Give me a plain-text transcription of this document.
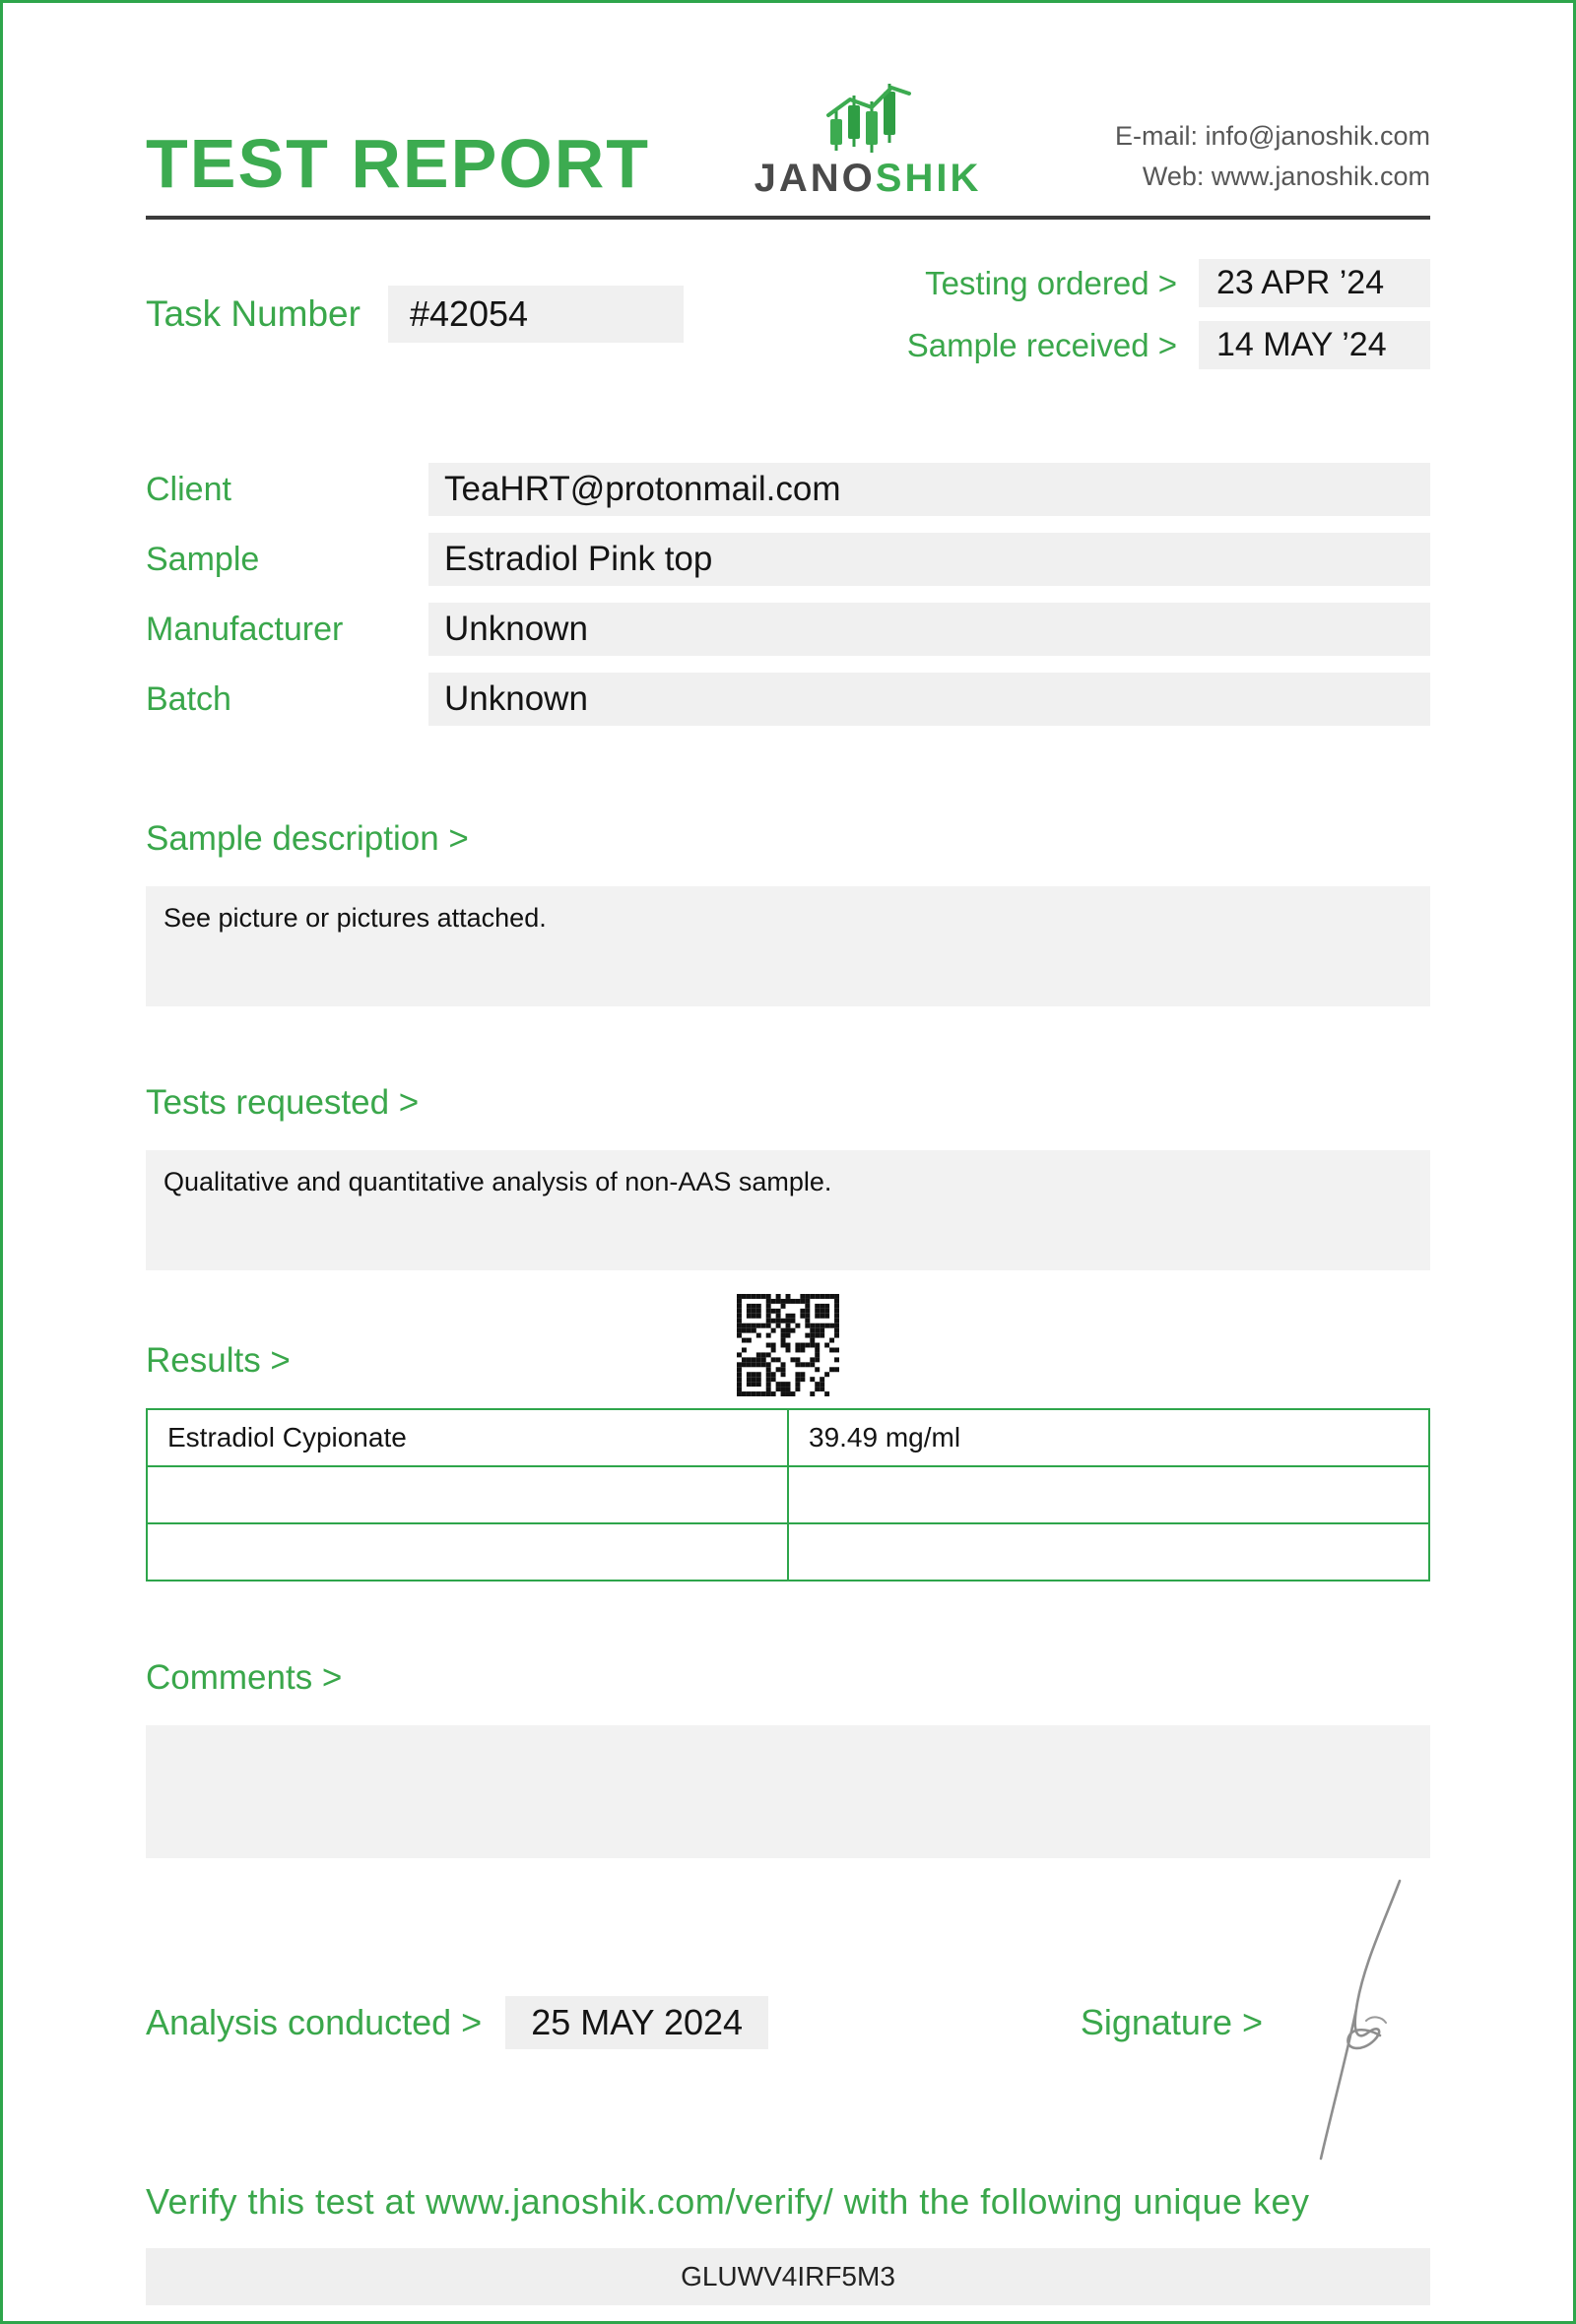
TEST REPORT	JANOSHIK
E-mail: info@janoshik.com
Web: www.janoshik.com
Task Number	#42054
Testing ordered >	23 APR ’24
Sample received >	14 MAY ’24
Client	TeaHRT@protonmail.com
Sample	Estradiol Pink top
Manufacturer	Unknown
Batch	Unknown
Sample description >
See picture or pictures attached.
Tests requested >
Qualitative and quantitative analysis of non-AAS sample.
Results >
Estradiol Cypionate	39.49 mg/ml

Comments >
Analysis conducted >	25 MAY 2024	Signature >
Verify this test at www.janoshik.com/verify/ with the following unique key
GLUWV4IRF5M3
